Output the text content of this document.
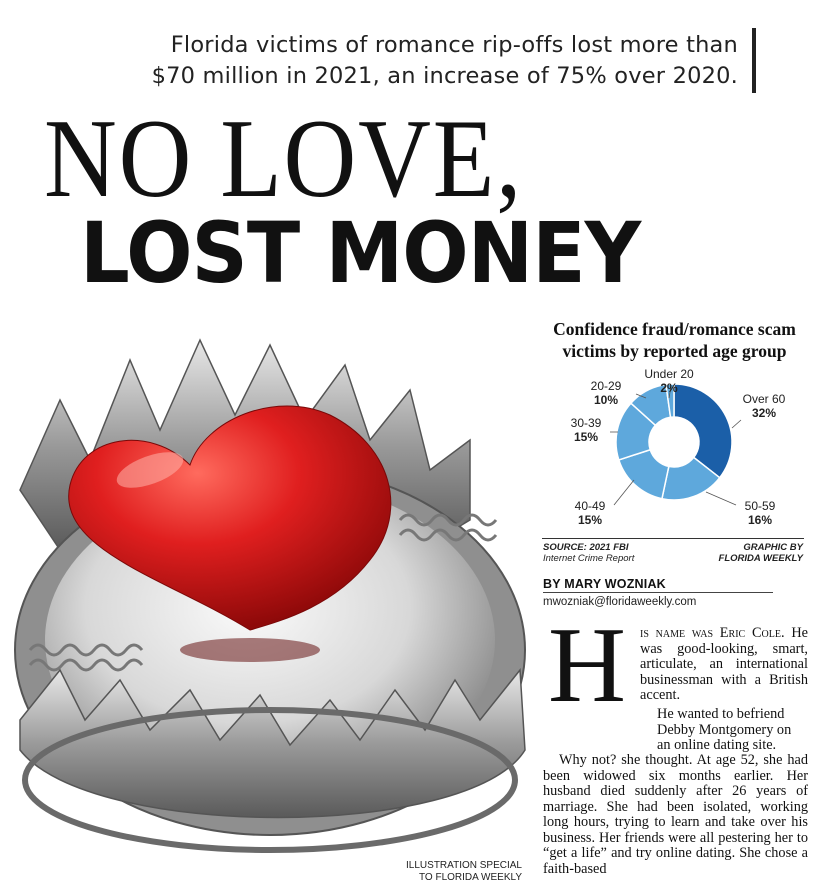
Florida victims of romance rip-offs lost more than
$70 million in 2021, an increase of 75% over 2020.
NO LOVE,
LOST MONEY
ILLUSTRATION SPECIAL
TO FLORIDA WEEKLY
Confidence fraud/romance scam
victims by reported age group
Under 20
2%
Over 60
32%
20-29
10%
30-39
15%
40-49
15%
50-59
16%
SOURCE: 2021 FBI
Internet Crime Report
GRAPHIC BY
FLORIDA WEEKLY
BY MARY WOZNIAK
mwozniak@floridaweekly.com
H is name was Eric Cole. He was good-looking, smart, articulate, an international businessman with a British accent.
He wanted to befriend Debby Montgomery on an online dating site.
Why not? she thought. At age 52, she had been widowed six months earlier. Her husband died suddenly after 26 years of marriage. She had been isolated, working long hours, trying to learn and take over his business. Her friends were all pestering her to “get a life” and try online dating. She chose a faith-based
